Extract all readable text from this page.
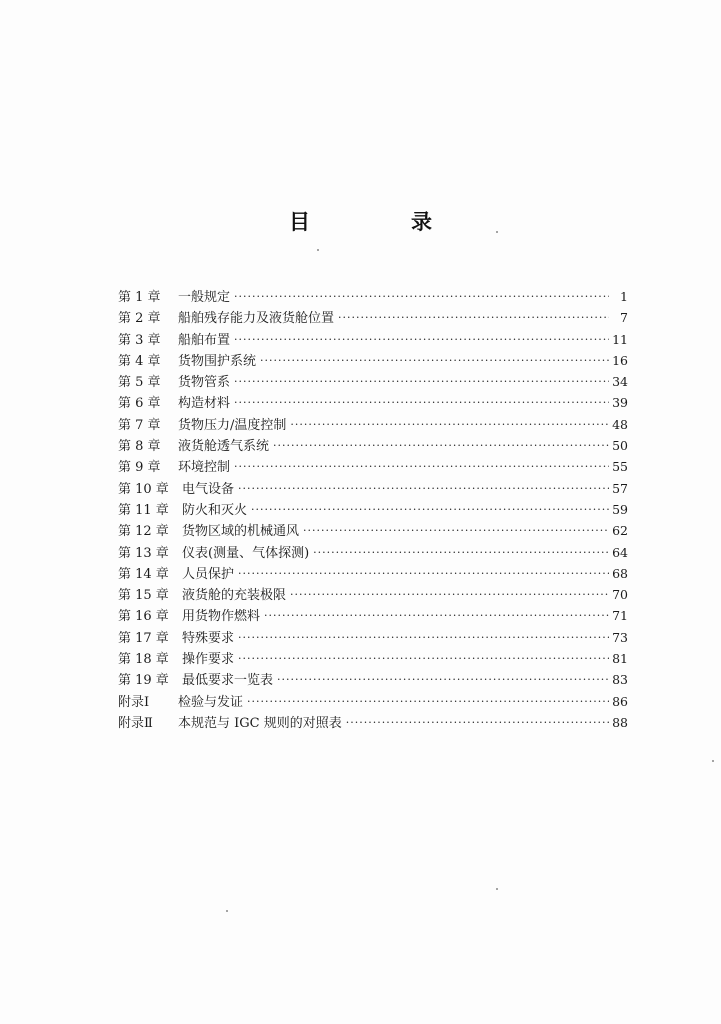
目　录
第 1 章	一般规定 ·····	1
第 2 章	船舶残存能力及液货舱位置 ·····	7
第 3 章	船舶布置 ·····	11
第 4 章	货物围护系统 ·····	16
第 5 章	货物管系 ·····	34
第 6 章	构造材料 ·····	39
第 7 章	货物压力/温度控制 ·····	48
第 8 章	液货舱透气系统 ·····	50
第 9 章	环境控制 ·····	55
第 10 章	电气设备 ·····	57
第 11 章	防火和灭火 ·····	59
第 12 章	货物区域的机械通风 ·····	62
第 13 章	仪表(测量、气体探测) ·····	64
第 14 章	人员保护 ·····	68
第 15 章	液货舱的充装极限 ·····	70
第 16 章	用货物作燃料 ·····	71
第 17 章	特殊要求 ·····	73
第 18 章	操作要求 ·····	81
第 19 章	最低要求一览表 ·····	83
附录Ⅰ	检验与发证 ·····	86
附录Ⅱ	本规范与 IGC 规则的对照表 ·····	88
